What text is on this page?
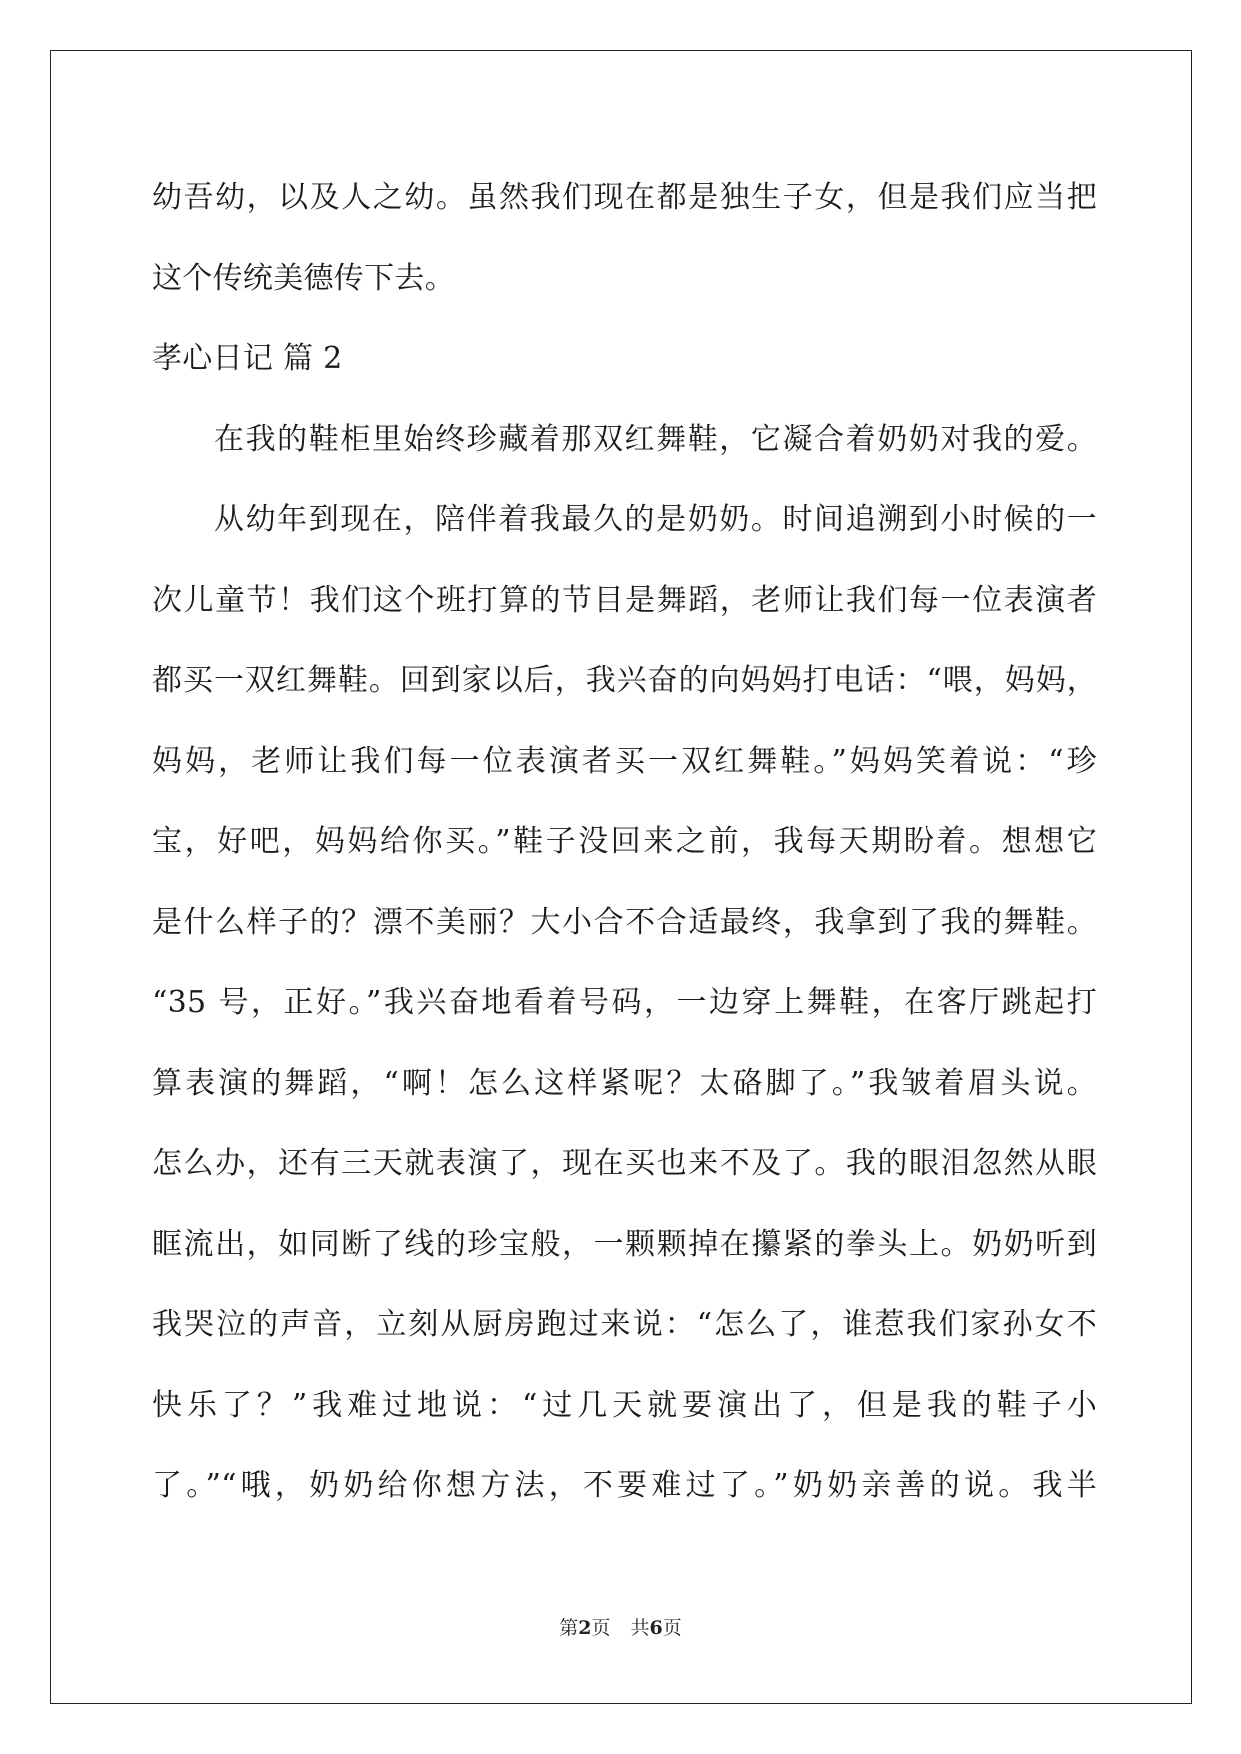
幼吾幼，以及人之幼。虽然我们现在都是独生子女，但是我们应当把
这个传统美德传下去。
孝心日记 篇 2
在我的鞋柜里始终珍藏着那双红舞鞋，它凝合着奶奶对我的爱。
从幼年到现在，陪伴着我最久的是奶奶。时间追溯到小时候的一
次儿童节！我们这个班打算的节目是舞蹈，老师让我们每一位表演者
都买一双红舞鞋。回到家以后，我兴奋的向妈妈打电话：“喂，妈妈，
妈妈，老师让我们每一位表演者买一双红舞鞋。”妈妈笑着说：“珍
宝，好吧，妈妈给你买。”鞋子没回来之前，我每天期盼着。想想它
是什么样子的？漂不美丽？大小合不合适最终，我拿到了我的舞鞋。
“35 号，正好。”我兴奋地看着号码，一边穿上舞鞋，在客厅跳起打
算表演的舞蹈，“啊！怎么这样紧呢？太硌脚了。”我皱着眉头说。
怎么办，还有三天就表演了，现在买也来不及了。我的眼泪忽然从眼
眶流出，如同断了线的珍宝般，一颗颗掉在攥紧的拳头上。奶奶听到
我哭泣的声音，立刻从厨房跑过来说：“怎么了，谁惹我们家孙女不
快乐了？”我难过地说：“过几天就要演出了，但是我的鞋子小
了。”“哦，奶奶给你想方法，不要难过了。”奶奶亲善的说。我半
第2页 共6页
